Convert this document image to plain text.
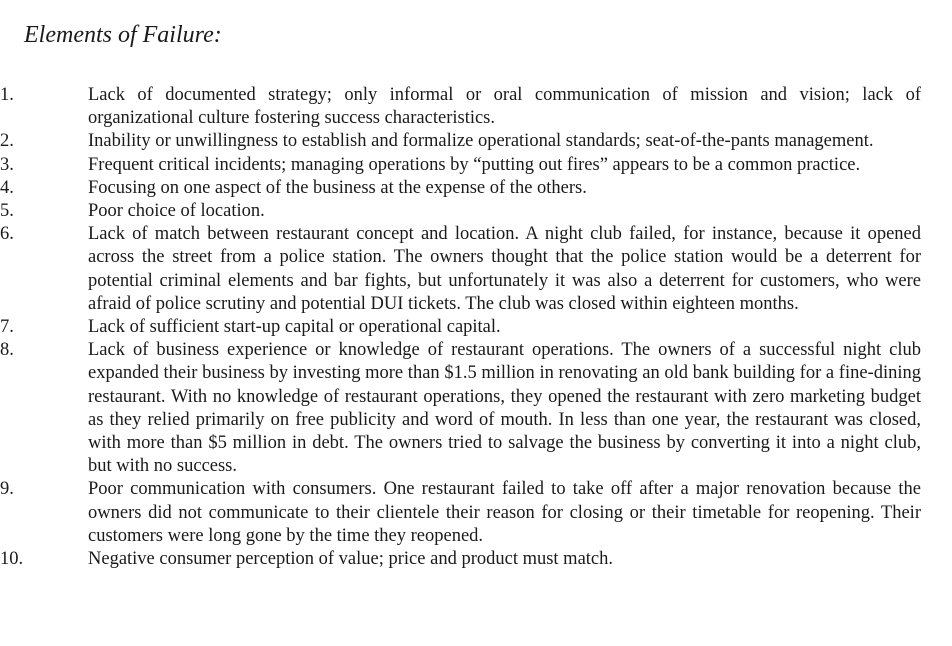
Elements of Failure:
1.	Lack of documented strategy; only informal or oral communication of mission and vision; lack of organizational culture fostering success characteristics.
2.	Inability or unwillingness to establish and formalize operational standards; seat-of-the-pants management.
3.	Frequent critical incidents; managing operations by “putting out fires” appears to be a common practice.
4.	Focusing on one aspect of the business at the expense of the others.
5.	Poor choice of location.
6.	Lack of match between restaurant concept and location. A night club failed, for instance, because it opened across the street from a police station. The owners thought that the police station would be a deterrent for potential criminal elements and bar fights, but unfortunately it was also a deterrent for customers, who were afraid of police scrutiny and potential DUI tickets. The club was closed within eighteen months.
7.	Lack of sufficient start-up capital or operational capital.
8.	Lack of business experience or knowledge of restaurant operations. The owners of a successful night club expanded their business by investing more than $1.5 million in renovating an old bank building for a fine-dining restaurant. With no knowledge of restaurant operations, they opened the restaurant with zero marketing budget as they relied primarily on free publicity and word of mouth. In less than one year, the restaurant was closed, with more than $5 million in debt. The owners tried to salvage the business by converting it into a night club, but with no success.
9.	Poor communication with consumers. One restaurant failed to take off after a major renovation because the owners did not communicate to their clientele their reason for closing or their timetable for reopening. Their customers were long gone by the time they reopened.
10.	Negative consumer perception of value; price and product must match.
